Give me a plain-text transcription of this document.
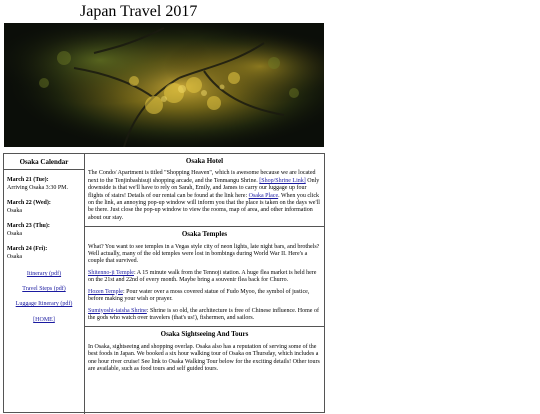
Japan Travel 2017
Osaka Calendar
March 21 (Tue):
Arriving Osaka 3:30 PM.
March 22 (Wed):
Osaka
March 23 (Thu):
Osaka
March 24 (Fri):
Osaka
Itinerary (pdf)
Travel Steps (pdf)
Luggage Itinerary (pdf)
[HOME]
Osaka Hotel

The Condo/ Apartment is titled "Shopping Heaven", which is awesome because we are located next to the Tenjinbashisuji shopping arcade, and the Tenmangu Shrine. [Shop/Shrine Link] Only downside is that we'll have to rely on Sarah, Emily, and James to carry our luggage up four flights of stairs! Details of our rental can be found at the link here: Osaka Place. When you click on the link, an annoying pop-up window will inform you that the place is taken on the days we'll be there. Just close the pop-up window to view the rooms, map of area, and other information about our stay.

Osaka Temples

What? You want to see temples in a Vegas style city of neon lights, late night bars, and brothels? Well actually, many of the old temples were lost in bombings during World War II. Here's a couple that survived.

Shitenno-ji Temple: A 15 minute walk from the Tennoji station. A huge flea market is held here on the 21st and 22nd of every month. Maybe bring a souvenir flea back for Churro.

Hozen Temple: Pour water over a moss covered statue of Fudo Myoo, the symbol of justice, before making your wish or prayer.

Sumiyoshi-taisha Shrine: Shrine is so old, the architecture is free of Chinese influence. Home of the gods who watch over travelers (that's us!), fishermen, and sailors.

Osaka Sightseeing And Tours

In Osaka, sightseeing and shopping overlap. Osaka also has a reputation of serving some of the best foods in Japan. We booked a six hour walking tour of Osaka on Thursday, which includes a one hour river cruise! See link to Osaka Walking Tour below for the exciting details! Other tours are available, such as food tours and self guided tours.
